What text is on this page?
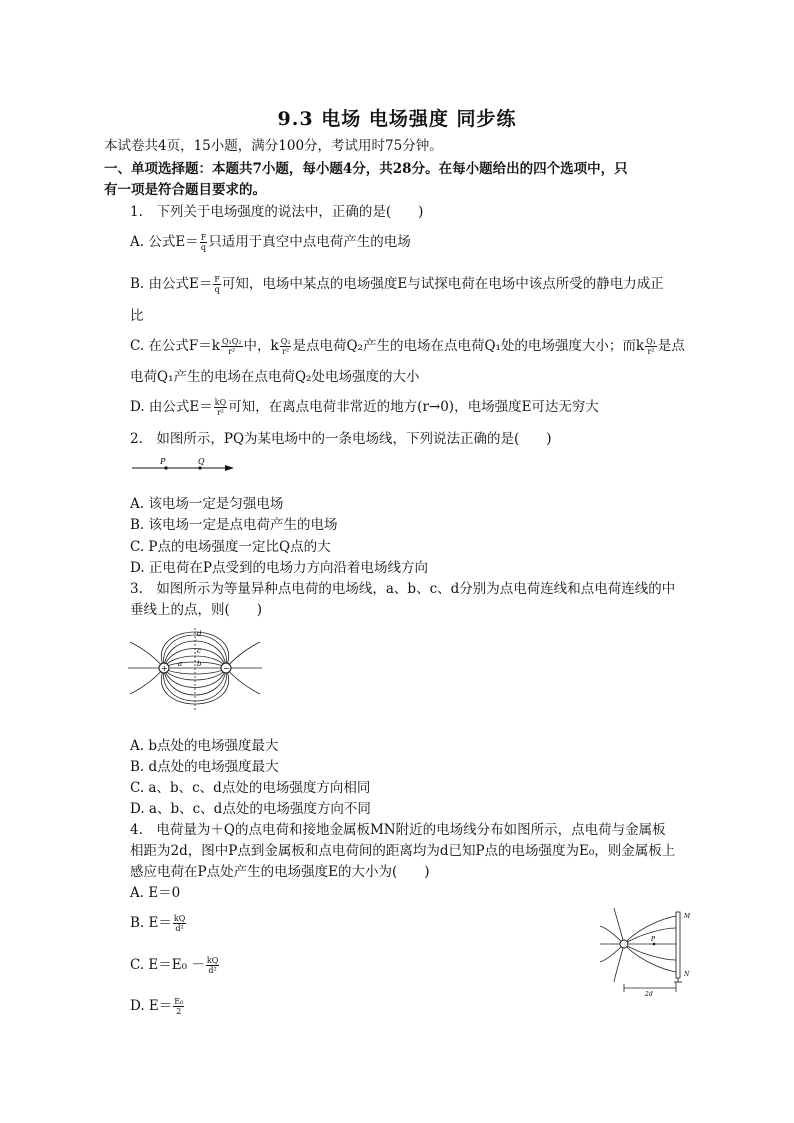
9.3 电场 电场强度 同步练
本试卷共4页，15小题，满分100分，考试用时75分钟。
一、单项选择题：本题共7小题，每小题4分，共28分。在每小题给出的四个选项中，只
有一项是符合题目要求的。
1.　下列关于电场强度的说法中，正确的是(　　)
A. 公式$E= \frac{F}{q}$ 只适用于真空中点电荷产生的电场
B. 由公式$E= \frac{F}{q}$ 可知，电场中某点的电场强度E与试探电荷在电场中该点所受的静电力成正
比
C. 在公式$F=k \frac{\text{Q₁Q₂}}{\text{r²}}$ 中，k $\frac{\text{Q₂}}{\text{r²}}$ 是点电荷Q₂产生的电场在点电荷Q₁处的电场强度大小；而k $\frac{\text{Q₁}}{\text{r²}}$ 是点
电荷Q₁产生的电场在点电荷Q₂处电场强度的大小
D. 由公式$E= \frac{kQ}{\text{r²}}$ 可知，在离点电荷非常近的地方(r→0)，电场强度E可达无穷大
2.　如图所示，PQ为某电场中的一条电场线，下列说法正确的是(　　)
P	Q
A. 该电场一定是匀强电场
B. 该电场一定是点电荷产生的电场
C. P点的电场强度一定比Q点的大
D. 正电荷在P点受到的电场力方向沿着电场线方向
3.　如图所示为等量异种点电荷的电场线，a、b、c、d分别为点电荷连线和点电荷连线的中
垂线上的点，则(　　)
+	−
d
c
b
a
A. b点处的电场强度最大
B. d点处的电场强度最大
C. a、b、c、d点处的电场强度方向相同
D. a、b、c、d点处的电场强度方向不同
4.　电荷量为＋Q的点电荷和接地金属板MN附近的电场线分布如图所示，点电荷与金属板
相距为2d，图中P点到金属板和点电荷间的距离均为d已知P点的电场强度为E₀，则金属板上
感应电荷在P点处产生的电场强度E的大小为(　　)
A. E＝0
B. $E= \frac{kQ}{\text{d²}}$
C. $E=E_0 - \frac{kQ}{\text{d²}}$
D. $E= \frac{\text{E₀}}{2}$
M
N
P
2d
